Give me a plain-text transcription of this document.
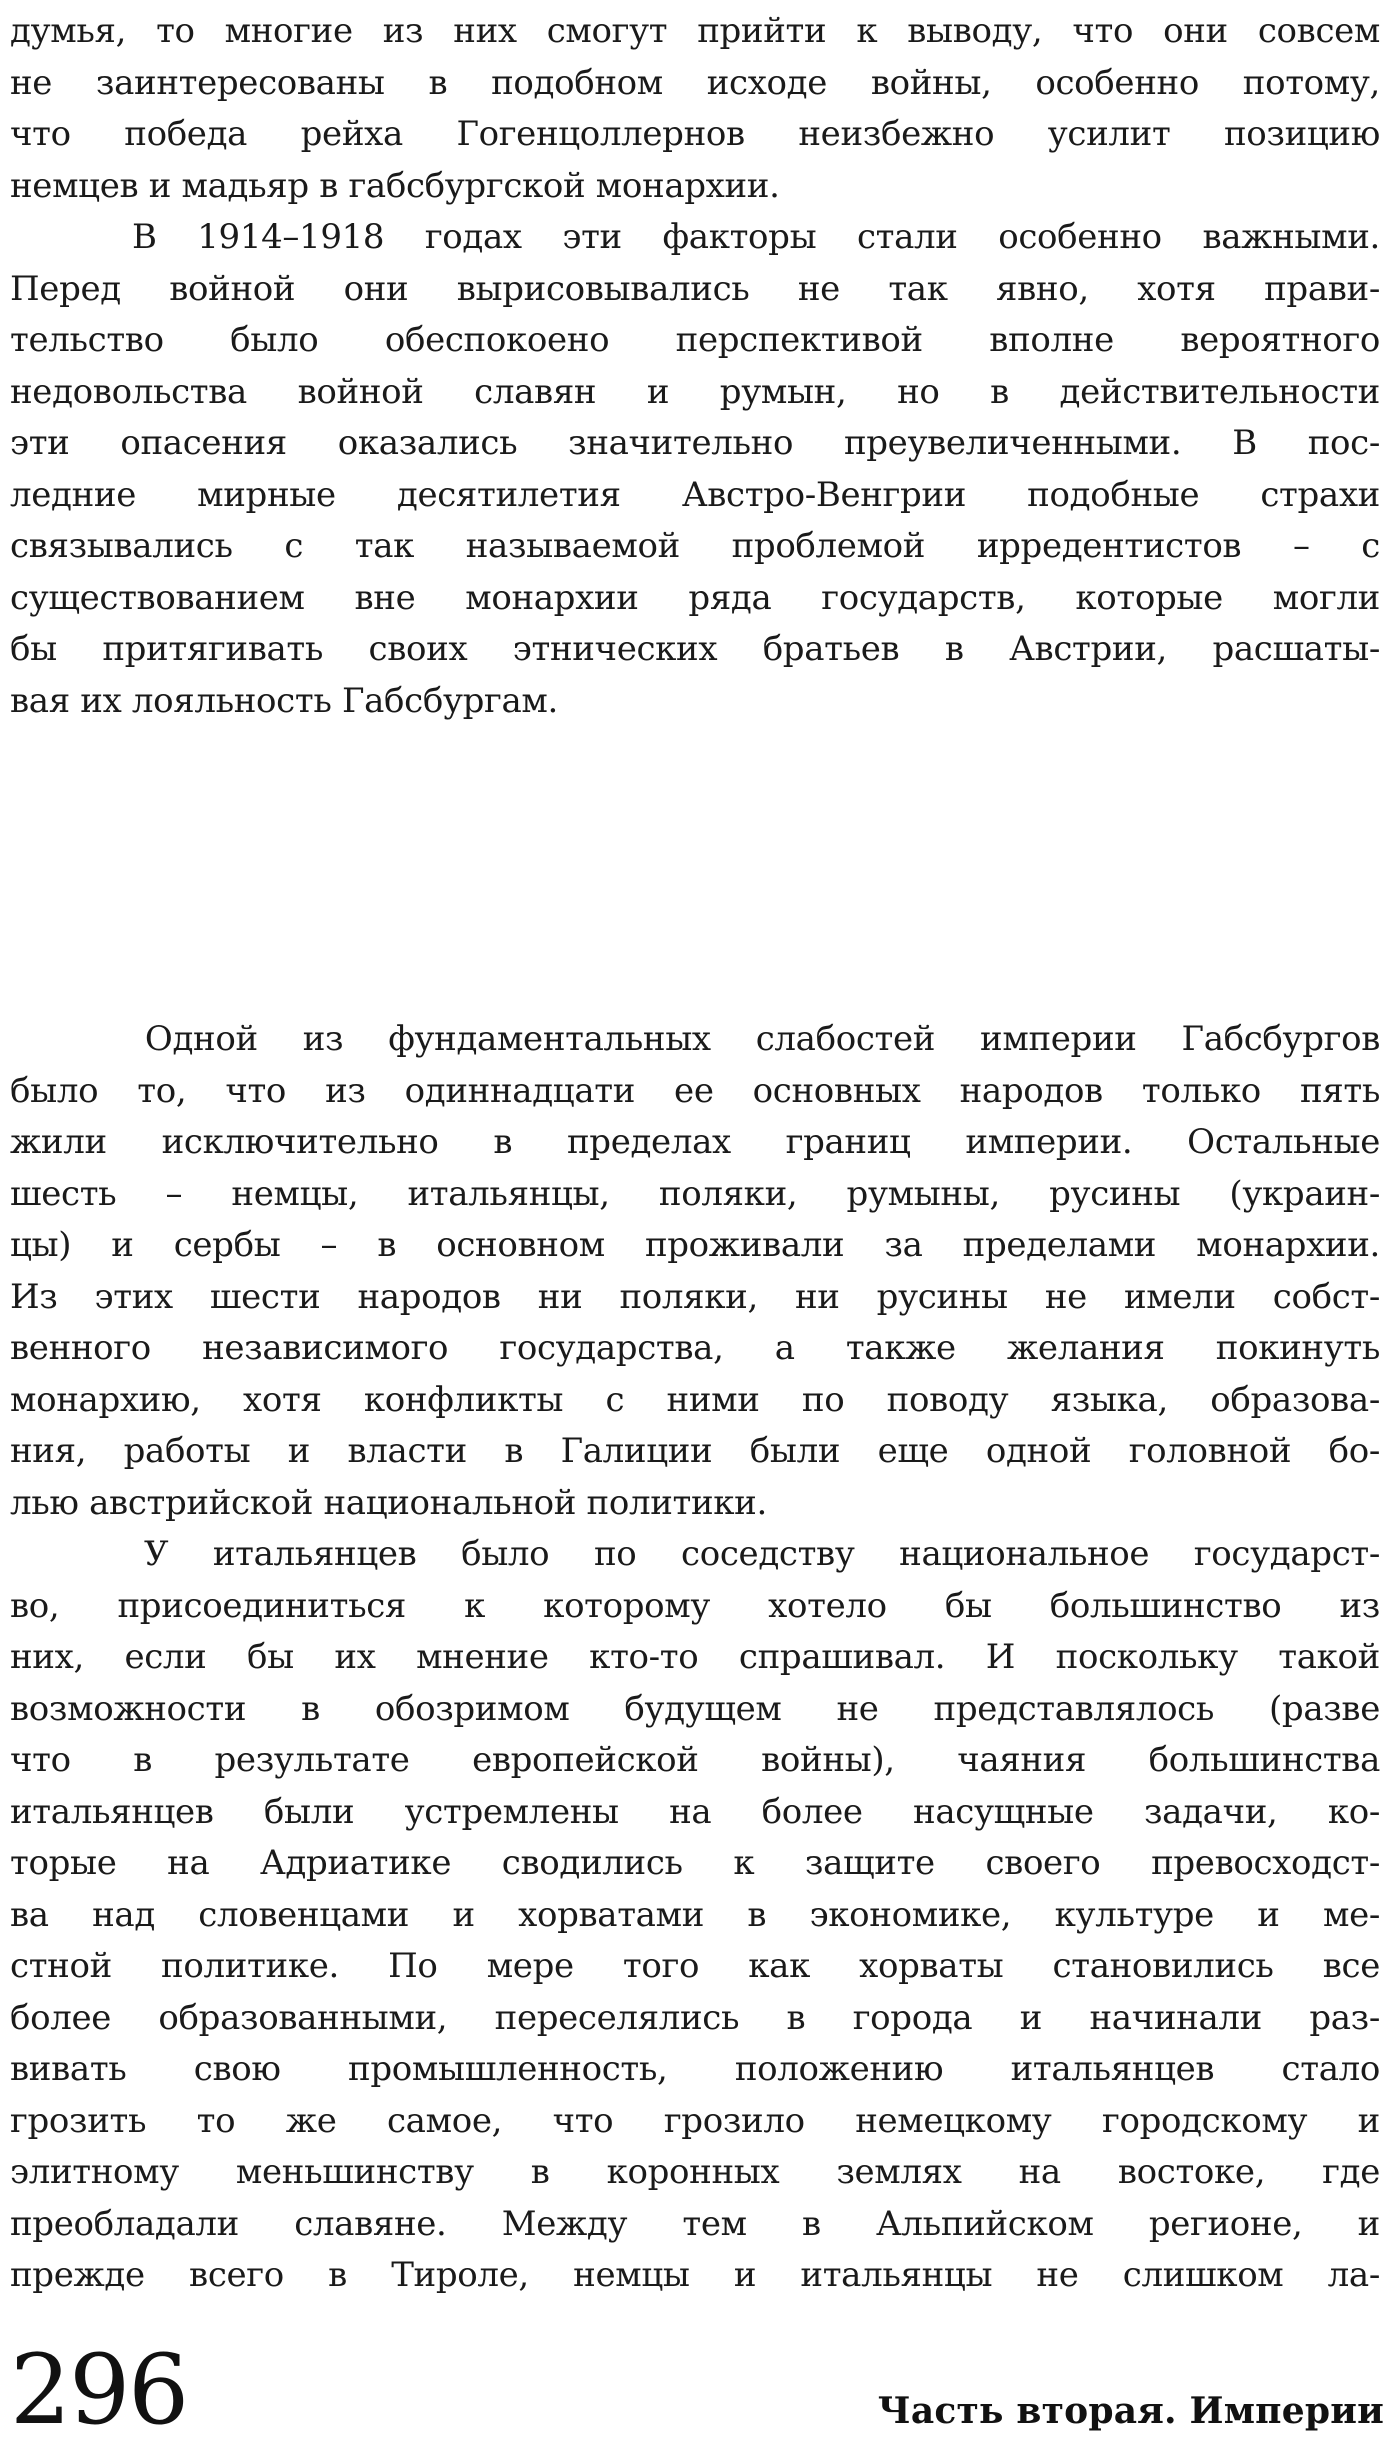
думья, то многие из них смогут прийти к выводу, что они совсем
не заинтересованы в подобном исходе войны, особенно потому,
что победа рейха Гогенцоллернов неизбежно усилит позицию
немцев и мадьяр в габсбургской монархии.
В 1914–1918 годах эти факторы стали особенно важными.
Перед войной они вырисовывались не так явно, хотя прави-
тельство было обеспокоено перспективой вполне вероятного
недовольства войной славян и румын, но в действительности
эти опасения оказались значительно преувеличенными. В пос-
ледние мирные десятилетия Австро-Венгрии подобные страхи
связывались с так называемой проблемой ирредентистов – с
существованием вне монархии ряда государств, которые могли
бы притягивать своих этнических братьев в Австрии, расшаты-
вая их лояльность Габсбургам.
Одной из фундаментальных слабостей империи Габсбургов
было то, что из одиннадцати ее основных народов только пять
жили исключительно в пределах границ империи. Остальные
шесть – немцы, итальянцы, поляки, румыны, русины (украин-
цы) и сербы – в основном проживали за пределами монархии.
Из этих шести народов ни поляки, ни русины не имели собст-
венного независимого государства, а также желания покинуть
монархию, хотя конфликты с ними по поводу языка, образова-
ния, работы и власти в Галиции были еще одной головной бо-
лью австрийской национальной политики.
У итальянцев было по соседству национальное государст-
во, присоединиться к которому хотело бы большинство из
них, если бы их мнение кто-то спрашивал. И поскольку такой
возможности в обозримом будущем не представлялось (разве
что в результате европейской войны), чаяния большинства
итальянцев были устремлены на более насущные задачи, ко-
торые на Адриатике сводились к защите своего превосходст-
ва над словенцами и хорватами в экономике, культуре и ме-
стной политике. По мере того как хорваты становились все
более образованными, переселялись в города и начинали раз-
вивать свою промышленность, положению итальянцев стало
грозить то же самое, что грозило немецкому городскому и
элитному меньшинству в коронных землях на востоке, где
преобладали славяне. Между тем в Альпийском регионе, и
прежде всего в Тироле, немцы и итальянцы не слишком ла-
296	Часть вторая. Империи
